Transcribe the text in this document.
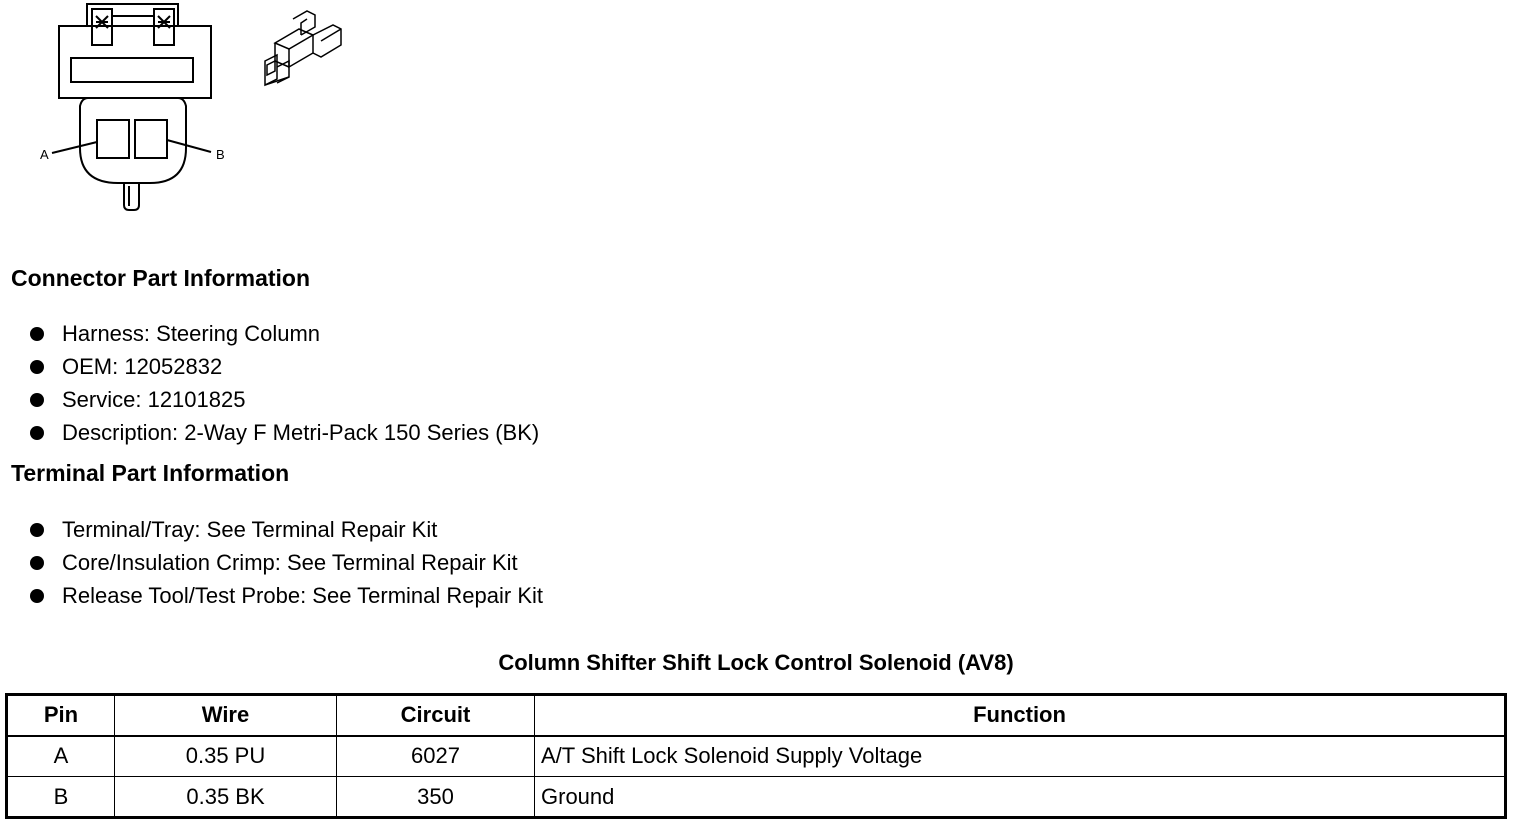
A	B
Connector Part Information
Harness: Steering Column
OEM: 12052832
Service: 12101825
Description: 2-Way F Metri-Pack 150 Series (BK)
Terminal Part Information
Terminal/Tray: See Terminal Repair Kit
Core/Insulation Crimp: See Terminal Repair Kit
Release Tool/Test Probe: See Terminal Repair Kit
Column Shifter Shift Lock Control Solenoid (AV8)
Pin	Wire	Circuit	Function
A	0.35 PU	6027	A/T Shift Lock Solenoid Supply Voltage
B	0.35 BK	350	Ground
